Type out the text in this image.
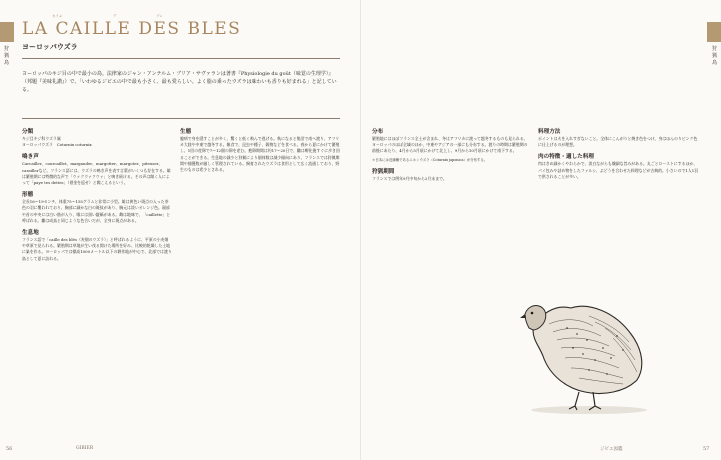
狩猟鳥
狩猟鳥
カイユ	デ	ブレ
LA CAILLE DES BLES
ヨーロッパウズラ
ヨーロッパのキジ目の中で最小の鳥。法律家のジャン・アンテルム・ブリア・サヴァランは著書『Physiologie du goût（味覚の生理学）』（邦題『美味礼讃』）で、「いわゆるジビエの中で最も小さく、最も愛らしい。よく脂の乗ったウズラは味わいも香りも好まれる」と記している。
分類

キジ目キジ科ウズラ属

ヨーロッパウズラ　Coturnix coturnix

鳴き声

Carcailler、courcaillet、margauder、margotter、margoter、piteuser、caraillerなど。フランス語には、ウズラの鳴き声を表す言葉がいくつも存在する。雄は繁殖期には特徴的な声で「ウァクウァクウァ」と鳴き続ける。その声は聞く人によって「paye tes dettes」（借金を返せ）と聞こえるという。

形態

全長16〜19センチ、体重75〜155グラムと非常に小型。雄は黄色い斑点の入った茶色の羽に覆われており、胸部に細かな白の斑紋があり、胸元は淡いオレンジ色。頭部や首の中央には白い筋が入り、喉には黒い縦縞がある。雌は地味で、「caillette」と呼ばれる。雛は成鳥と同じような色合いだが、全身に斑点がある。

生息地

フランス語で「caille des blés（麦畑のウズラ）」と呼ばれるように、平原の小麦畑や草原で見られる。繁殖期は草地が生い茂る開けた場所を好み、比較的乾燥した土地に巣を作る。ヨーロッパでは標高1000メートル以下の耕作地が中心で、北部では渡り鳥として夏に訪れる。

生態

臆病で身を隠すことが多く、驚くと低く飛んで逃げる。秋になると集団で南へ渡り、アフリカ大陸や中東で越冬する。雑食で、昆虫や種子、穀物などを食べる。春から夏にかけて繁殖し、1回の産卵で7〜12個の卵を産む。抱卵期間は約17〜20日で、雛は孵化後すぐに歩き回ることができる。生息地の減少と狩猟により個体数は減少傾向にあり、フランスでは狩猟期間や捕獲数が厳しく管理されている。飼育されたウズラは食用として広く流通しており、野生のものは希少とされる。

分布

繁殖地にはほぼフランス全土が含まれ、冬はアフリカに渡って越冬するものも見られる。ヨーロッパのほぼ全域のほか、中東やアジアの一部にも分布する。渡りの時期は繁殖期の前後にあたり、4月から5月頃にかけて北上し、9月から10月頃にかけて南下する。

＊日本には近縁種であるニホンウズラ（Coturnix japonica）が分布する。

狩猟期間

フランスでは例年9月中旬から2月末まで。

料理方法

ポイントは火を入れすぎないこと。全体にこんがりと焼き色をつけ、身はほんのりピンク色に仕上げるのが理想。

肉の特徴・適した料理

肉はきめ細かくやわらかで、淡白ながらも繊細な旨みがある。丸ごとローストにするほか、パイ包みや詰め物をしたファルシ、ぶどうを合わせた料理などが古典的。小さいので1人1羽で供されることが多い。

56	GIBIER	ジビエ図鑑	57
